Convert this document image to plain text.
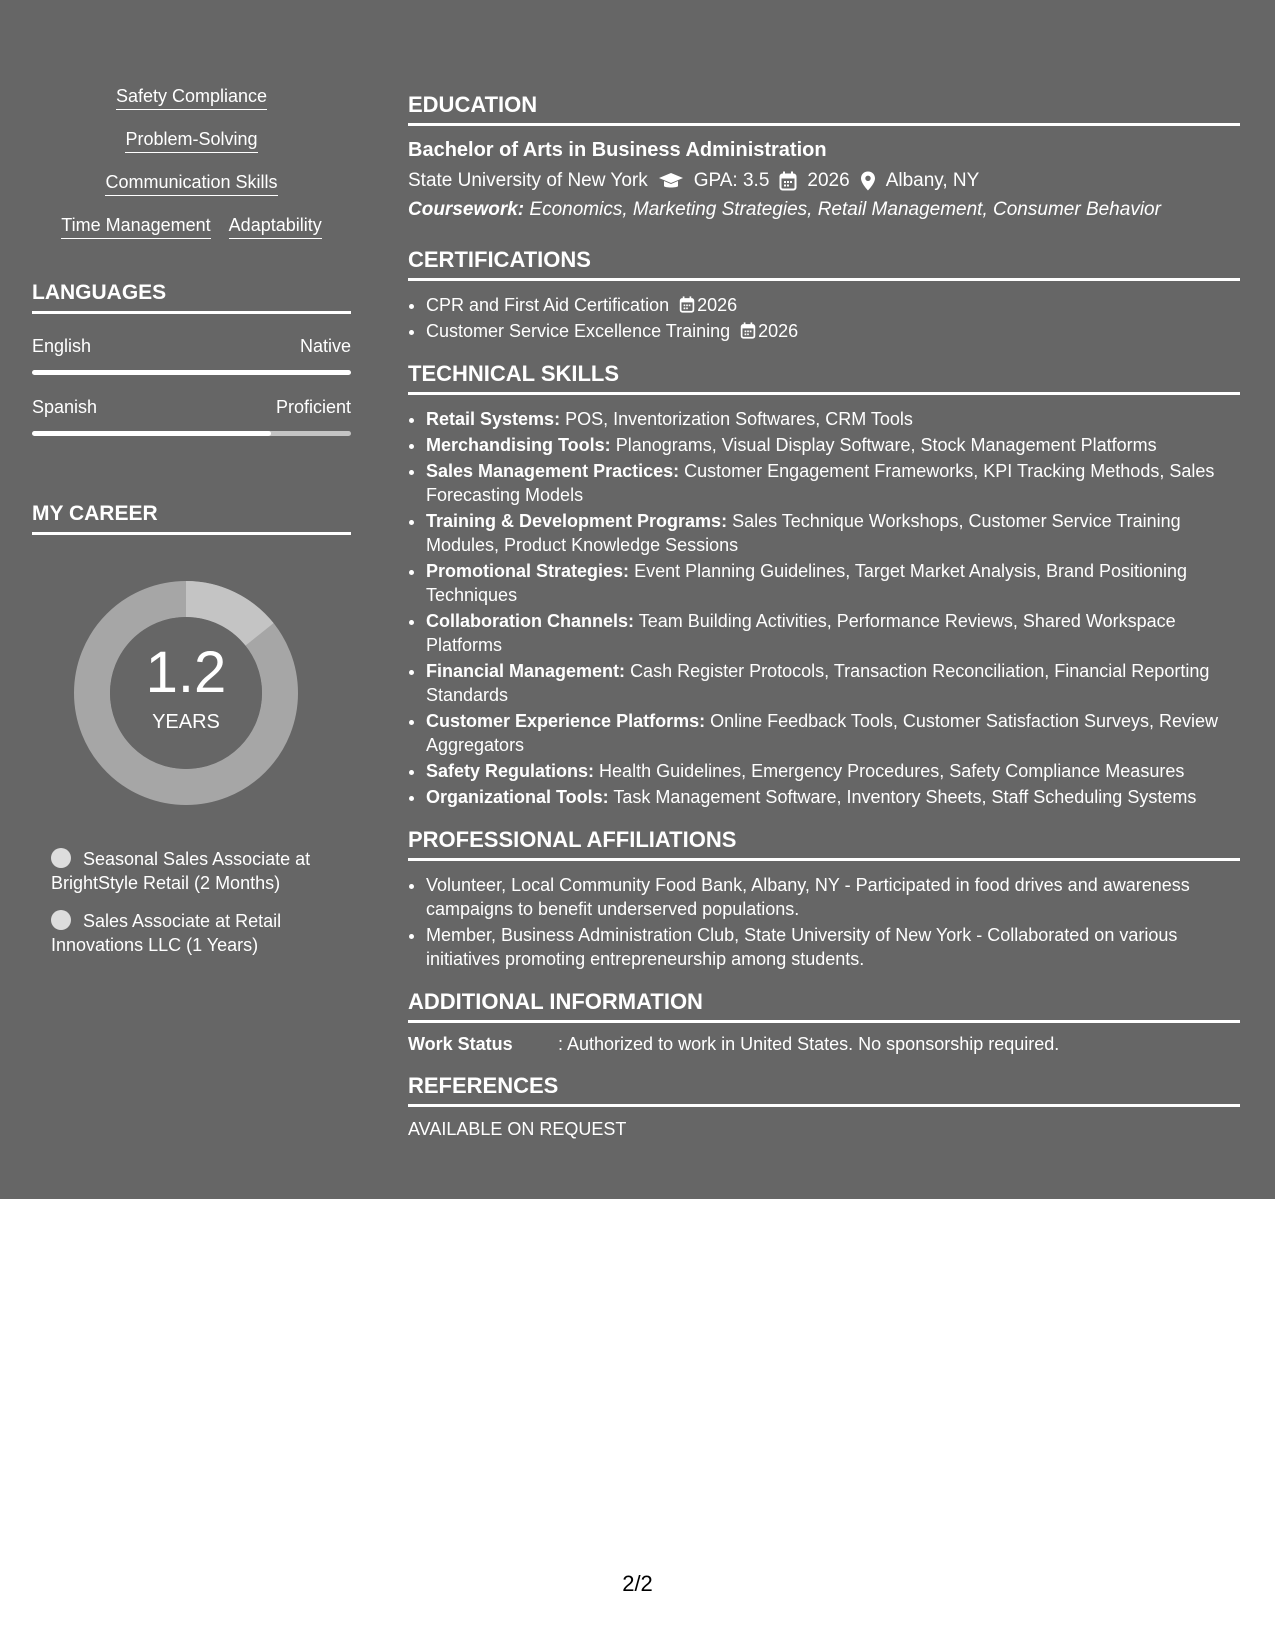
Safety Compliance
Problem-Solving
Communication Skills
Time Management Adaptability
LANGUAGES
English	Native
Spanish	Proficient
MY CAREER
1.2
YEARS
Seasonal Sales Associate at BrightStyle Retail (2 Months)
Sales Associate at Retail Innovations LLC (1 Years)
EDUCATION
Bachelor of Arts in Business Administration
State University of New York GPA: 3.5 2026 Albany, NY
Coursework: Economics, Marketing Strategies, Retail Management, Consumer Behavior
CERTIFICATIONS
• CPR and First Aid Certification 2026
• Customer Service Excellence Training 2026
TECHNICAL SKILLS
• Retail Systems: POS, Inventorization Softwares, CRM Tools
• Merchandising Tools: Planograms, Visual Display Software, Stock Management Platforms
• Sales Management Practices: Customer Engagement Frameworks, KPI Tracking Methods, Sales Forecasting Models
• Training & Development Programs: Sales Technique Workshops, Customer Service Training Modules, Product Knowledge Sessions
• Promotional Strategies: Event Planning Guidelines, Target Market Analysis, Brand Positioning Techniques
• Collaboration Channels: Team Building Activities, Performance Reviews, Shared Workspace Platforms
• Financial Management: Cash Register Protocols, Transaction Reconciliation, Financial Reporting Standards
• Customer Experience Platforms: Online Feedback Tools, Customer Satisfaction Surveys, Review Aggregators
• Safety Regulations: Health Guidelines, Emergency Procedures, Safety Compliance Measures
• Organizational Tools: Task Management Software, Inventory Sheets, Staff Scheduling Systems
PROFESSIONAL AFFILIATIONS
• Volunteer, Local Community Food Bank, Albany, NY - Participated in food drives and awareness campaigns to benefit underserved populations.
• Member, Business Administration Club, State University of New York - Collaborated on various initiatives promoting entrepreneurship among students.
ADDITIONAL INFORMATION
Work Status	: Authorized to work in United States. No sponsorship required.
REFERENCES
AVAILABLE ON REQUEST
2/2
